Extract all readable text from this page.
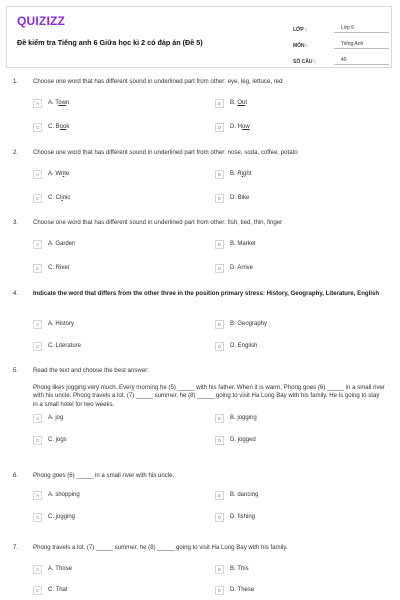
QUIZIZZ
Đề kiểm tra Tiếng anh 6 Giữa học kì 2 có đáp án (Đề 5)
LỚP :	Lớp 6
MÔN :	Tiếng Anh
SỐ CÂU :	40
1. Choose one word that has different sound in underlined part from other: eye, leg, lettuce, red
A	A. Town	B	B. Out
C	C. Book	D	D. How
2. Choose one word that has different sound in underlined part from other: nose, soda, coffee, potato
A	A. Write	B	B. Right
C	C. Clinic	D	D. Bike
3. Choose one word that has different sound in underlined part from other: fish, tied, thin, finger
A	A. Garden	B	B. Market
C	C. River	D	D. Arrive
4. Indicate the word that differs from the other three in the position primary stress: History, Geography, Literature, English
A	A. History	B	B. Geography
C	C. Literature	D	D. English
5. Read the text and choose the best answer:
Phong likes jogging very much. Every morning he (5) _____ with his father. When it is warm, Phong goes (6) _____ in a small river with his uncle. Phong travels a lot. (7) _____ summer, he (8) _____ going to visit Ha Long Bay with his family. He is going to stay in a small hotel for two weeks.
A	A. jog	B	B. jogging
C	C. jogs	D	D. jogged
6. Phong goes (6) _____ in a small river with his uncle.
A	A. shopping	B	B. dancing
C	C. jogging	D	D. fishing
7. Phong travels a lot. (7) _____ summer, he (8) _____ going to visit Ha Long Bay with his family.
A	A. Those	B	B. This
C	C. That	D	D. These
